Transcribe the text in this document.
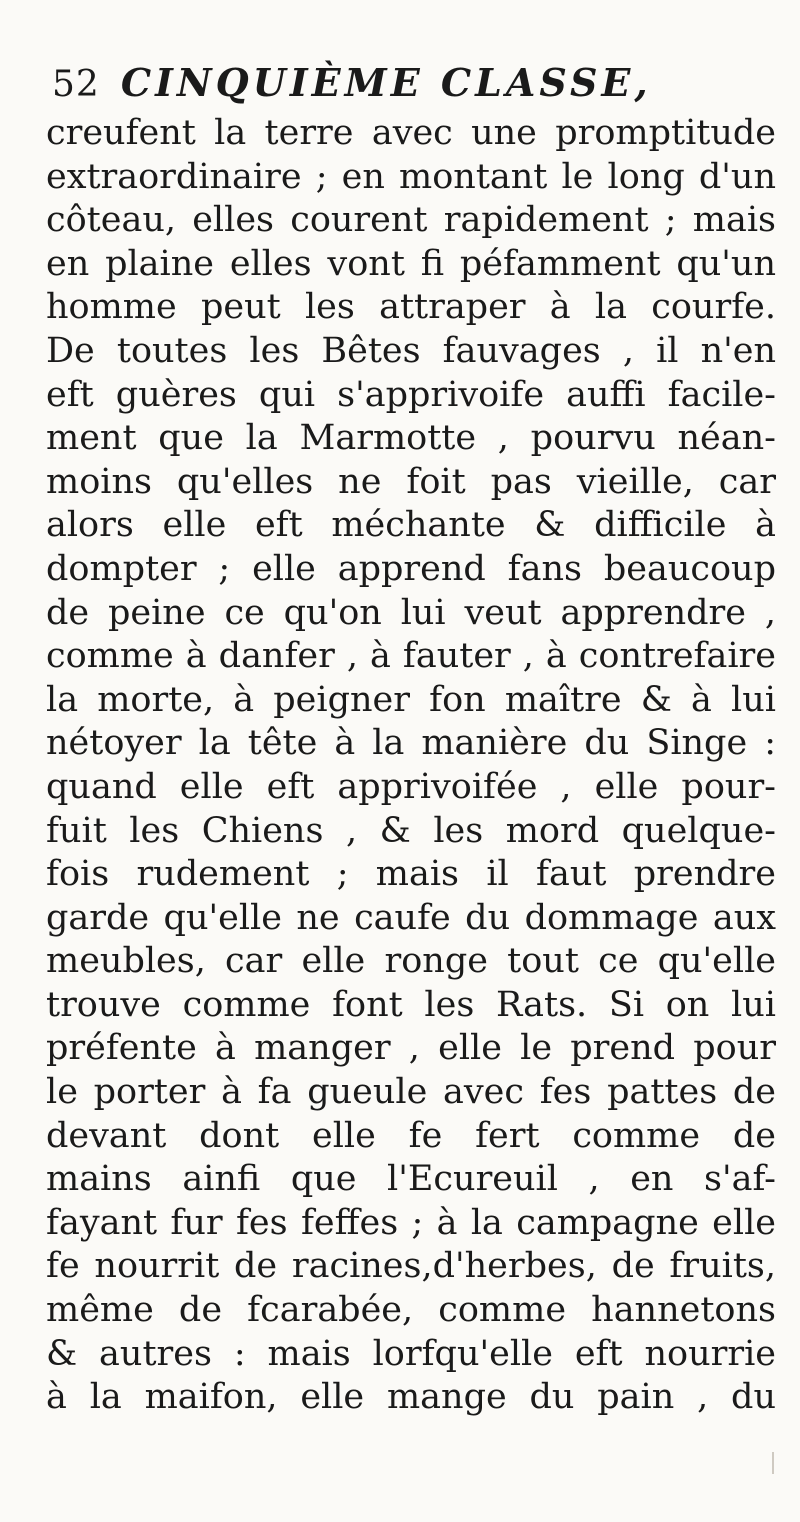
52 CINQUIÈME CLASSE,
creufent la terre avec une promptitude
extraordinaire ; en montant le long d'un
côteau, elles courent rapidement ; mais
en plaine elles vont fi péfamment qu'un
homme peut les attraper à la courfe.
De toutes les Bêtes fauvages , il n'en
eft guères qui s'apprivoife auffi facile-
ment que la Marmotte , pourvu néan-
moins qu'elles ne foit pas vieille, car
alors elle eft méchante & difficile à
dompter ; elle apprend fans beaucoup
de peine ce qu'on lui veut apprendre ,
comme à danfer , à fauter , à contrefaire
la morte, à peigner fon maître & à lui
nétoyer la tête à la manière du Singe :
quand elle eft apprivoifée , elle pour-
fuit les Chiens , & les mord quelque-
fois rudement ; mais il faut prendre
garde qu'elle ne caufe du dommage aux
meubles, car elle ronge tout ce qu'elle
trouve comme font les Rats. Si on lui
préfente à manger , elle le prend pour
le porter à fa gueule avec fes pattes de
devant dont elle fe fert comme de
mains ainfi que l'Ecureuil , en s'af-
fayant fur fes feffes ; à la campagne elle
fe nourrit de racines,d'herbes, de fruits,
même de fcarabée, comme hannetons
& autres : mais lorfqu'elle eft nourrie
à la maifon, elle mange du pain , du
